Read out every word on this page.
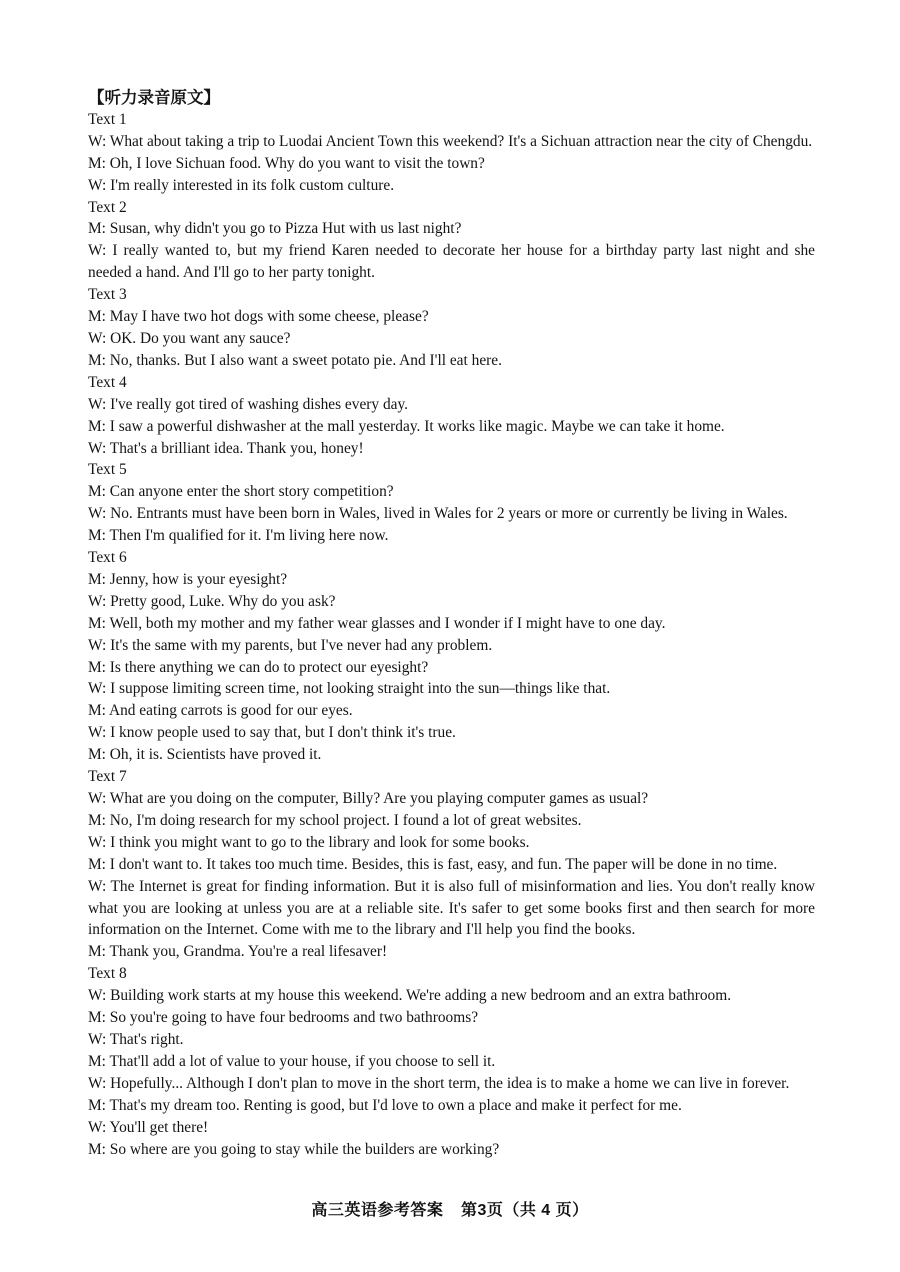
【听力录音原文】

Text 1

W: What about taking a trip to Luodai Ancient Town this weekend? It's a Sichuan attraction near the city of Chengdu.

M: Oh, I love Sichuan food. Why do you want to visit the town?

W: I'm really interested in its folk custom culture.

Text 2

M: Susan, why didn't you go to Pizza Hut with us last night?

W: I really wanted to, but my friend Karen needed to decorate her house for a birthday party last night and she needed a hand. And I'll go to her party tonight.

Text 3

M: May I have two hot dogs with some cheese, please?

W: OK. Do you want any sauce?

M: No, thanks. But I also want a sweet potato pie. And I'll eat here.

Text 4

W: I've really got tired of washing dishes every day.

M: I saw a powerful dishwasher at the mall yesterday. It works like magic. Maybe we can take it home.

W: That's a brilliant idea. Thank you, honey!

Text 5

M: Can anyone enter the short story competition?

W: No. Entrants must have been born in Wales, lived in Wales for 2 years or more or currently be living in Wales.

M: Then I'm qualified for it. I'm living here now.

Text 6

M: Jenny, how is your eyesight?

W: Pretty good, Luke. Why do you ask?

M: Well, both my mother and my father wear glasses and I wonder if I might have to one day.

W: It's the same with my parents, but I've never had any problem.

M: Is there anything we can do to protect our eyesight?

W: I suppose limiting screen time, not looking straight into the sun—things like that.

M: And eating carrots is good for our eyes.

W: I know people used to say that, but I don't think it's true.

M: Oh, it is. Scientists have proved it.

Text 7

W: What are you doing on the computer, Billy? Are you playing computer games as usual?

M: No, I'm doing research for my school project. I found a lot of great websites.

W: I think you might want to go to the library and look for some books.

M: I don't want to. It takes too much time. Besides, this is fast, easy, and fun. The paper will be done in no time.

W: The Internet is great for finding information. But it is also full of misinformation and lies. You don't really know what you are looking at unless you are at a reliable site. It's safer to get some books first and then search for more information on the Internet. Come with me to the library and I'll help you find the books.

M: Thank you, Grandma. You're a real lifesaver!

Text 8

W: Building work starts at my house this weekend. We're adding a new bedroom and an extra bathroom.

M: So you're going to have four bedrooms and two bathrooms?

W: That's right.

M: That'll add a lot of value to your house, if you choose to sell it.

W: Hopefully... Although I don't plan to move in the short term, the idea is to make a home we can live in forever.

M: That's my dream too. Renting is good, but I'd love to own a place and make it perfect for me.

W: You'll get there!

M: So where are you going to stay while the builders are working?

高三英语参考答案 第3页（共 4 页）
